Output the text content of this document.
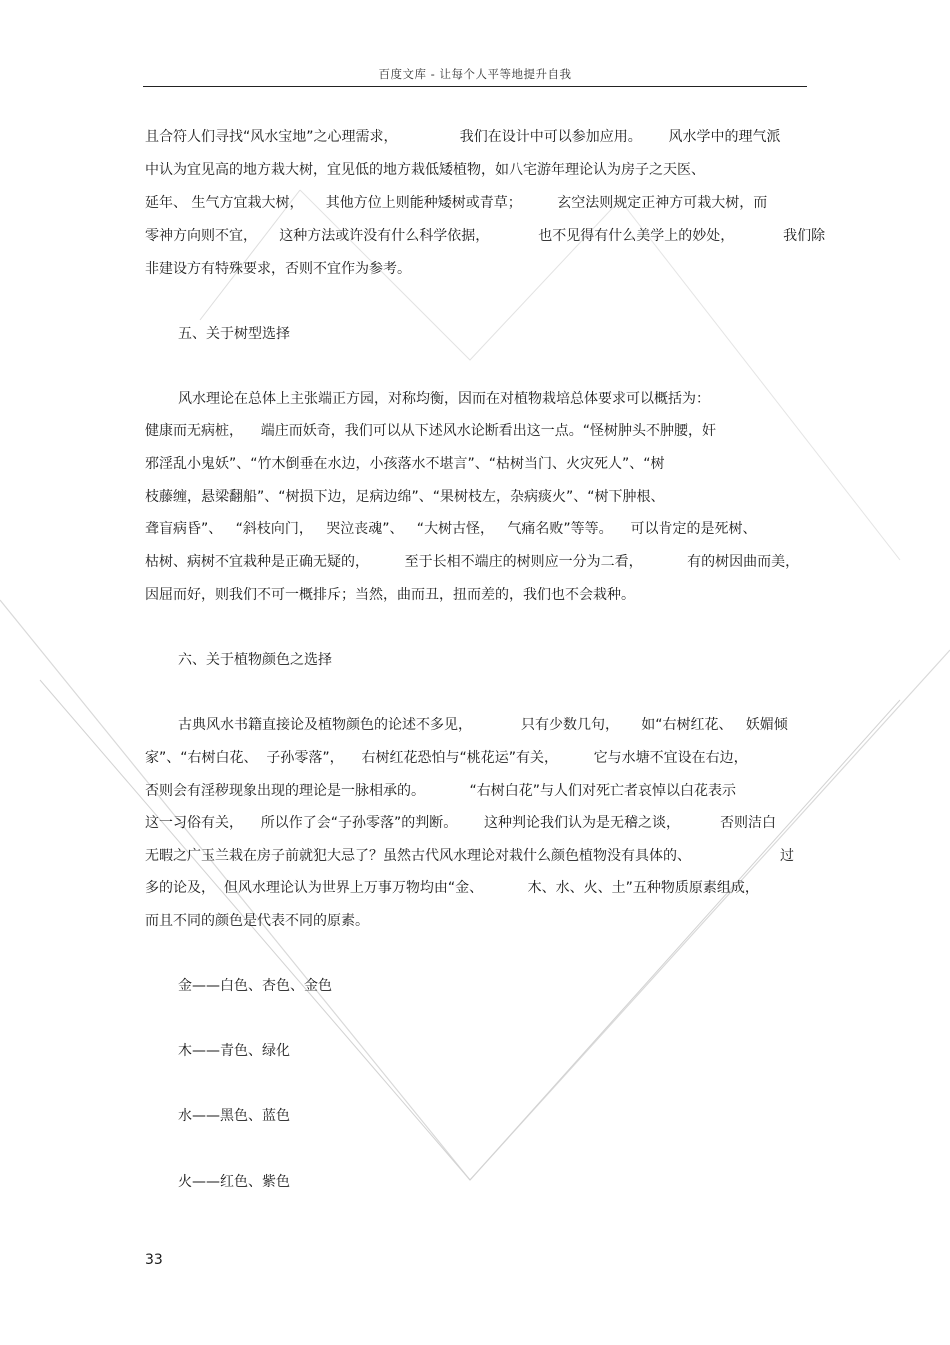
百度文库 - 让每个人平等地提升自我
且合符人们寻找“风水宝地”之心理需求，              我们在设计中可以参加应用。      风水学中的理气派
中认为宜见高的地方栽大树，宜见低的地方栽低矮植物，如八宅游年理论认为房子之天医、
延年、 生气方宜栽大树，     其他方位上则能种矮树或青草；        玄空法则规定正神方可栽大树，而
零神方向则不宜，     这种方法或许没有什么科学依据，           也不见得有什么美学上的妙处，           我们除
非建设方有特殊要求，否则不宜作为参考。
五、关于树型选择
风水理论在总体上主张端正方园，对称均衡，因而在对植物栽培总体要求可以概括为：
健康而无病桩，    端庄而妖奇，我们可以从下述风水论断看出这一点。“怪树肿头不肿腰，奸
邪淫乱小鬼妖”、“竹木倒垂在水边，小孩落水不堪言”、“枯树当门、火灾死人”、“树
枝藤缠，悬梁翻船”、“树损下边，足病边绵”、“果树枝左，杂病痰火”、“树下肿根、
聋盲病昏”、   “斜枝向门，   哭泣丧魂”、   “大树古怪，   气痛名败”等等。    可以肯定的是死树、
枯树、病树不宜栽种是正确无疑的，        至于长相不端庄的树则应一分为二看，          有的树因曲而美，
因屈而好，则我们不可一概排斥；当然，曲而丑，扭而差的，我们也不会栽种。
六、关于植物颜色之选择
古典风水书籍直接论及植物颜色的论述不多见，           只有少数几句，     如“右树红花、   妖媚倾
家”、“右树白花、  子孙零落”，    右树红花恐怕与“桃花运”有关，        它与水塘不宜设在右边，
否则会有淫秽现象出现的理论是一脉相承的。          “右树白花”与人们对死亡者哀悼以白花表示
这一习俗有关，    所以作了会“子孙零落”的判断。      这种判论我们认为是无稽之谈，         否则洁白
无暇之广玉兰栽在房子前就犯大忌了？虽然古代风水理论对栽什么颜色植物没有具体的、                    过
多的论及，  但风水理论认为世界上万事万物均由“金、          木、水、火、土”五种物质原素组成，
而且不同的颜色是代表不同的原素。
金——白色、杏色、金色
木——青色、绿化
水——黑色、蓝色
火——红色、紫色
33
